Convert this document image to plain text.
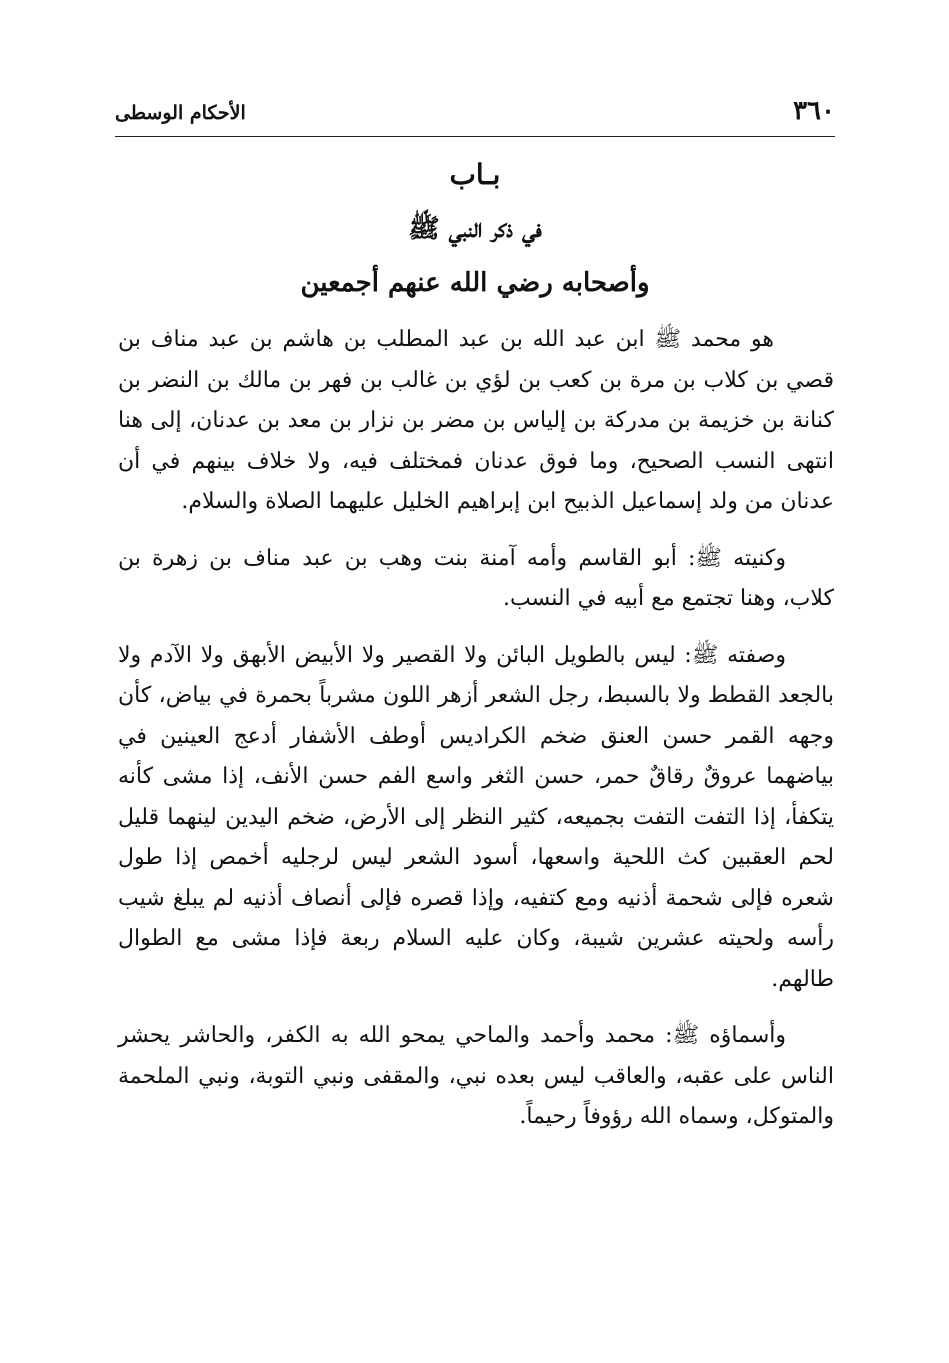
٣٦٠
الأحكام الوسطى
بـاب
في ذكر النبي ﷺ
وأصحابه رضي الله عنهم أجمعين

هو محمد ﷺ ابن عبد الله بن عبد المطلب بن هاشم بن عبد مناف بن قصي بن كلاب بن مرة بن كعب بن لؤي بن غالب بن فهر بن مالك بن النضر بن كنانة بن خزيمة بن مدركة بن إلياس بن مضر بن نزار بن معد بن عدنان، إلى هنا انتهى النسب الصحيح، وما فوق عدنان فمختلف فيه، ولا خلاف بينهم في أن عدنان من ولد إسماعيل الذبيح ابن إبراهيم الخليل عليهما الصلاة والسلام.

وكنيته ﷺ: أبو القاسم وأمه آمنة بنت وهب بن عبد مناف بن زهرة بن كلاب، وهنا تجتمع مع أبيه في النسب.

وصفته ﷺ: ليس بالطويل البائن ولا القصير ولا الأبيض الأبهق ولا الآدم ولا بالجعد القطط ولا بالسبط، رجل الشعر أزهر اللون مشرباً بحمرة في بياض، كأن وجهه القمر حسن العنق ضخم الكراديس أوطف الأشفار أدعج العينين في بياضهما عروقٌ رقاقٌ حمر، حسن الثغر واسع الفم حسن الأنف، إذا مشى كأنه يتكفأ، إذا التفت التفت بجميعه، كثير النظر إلى الأرض، ضخم اليدين لينهما قليل لحم العقبين كث اللحية واسعها، أسود الشعر ليس لرجليه أخمص إذا طول شعره فإلى شحمة أذنيه ومع كتفيه، وإذا قصره فإلى أنصاف أذنيه لم يبلغ شيب رأسه ولحيته عشرين شيبة، وكان عليه السلام ربعة فإذا مشى مع الطوال طالهم.

وأسماؤه ﷺ: محمد وأحمد والماحي يمحو الله به الكفر، والحاشر يحشر الناس على عقبه، والعاقب ليس بعده نبي، والمقفى ونبي التوبة، ونبي الملحمة والمتوكل، وسماه الله رؤوفاً رحيماً.
